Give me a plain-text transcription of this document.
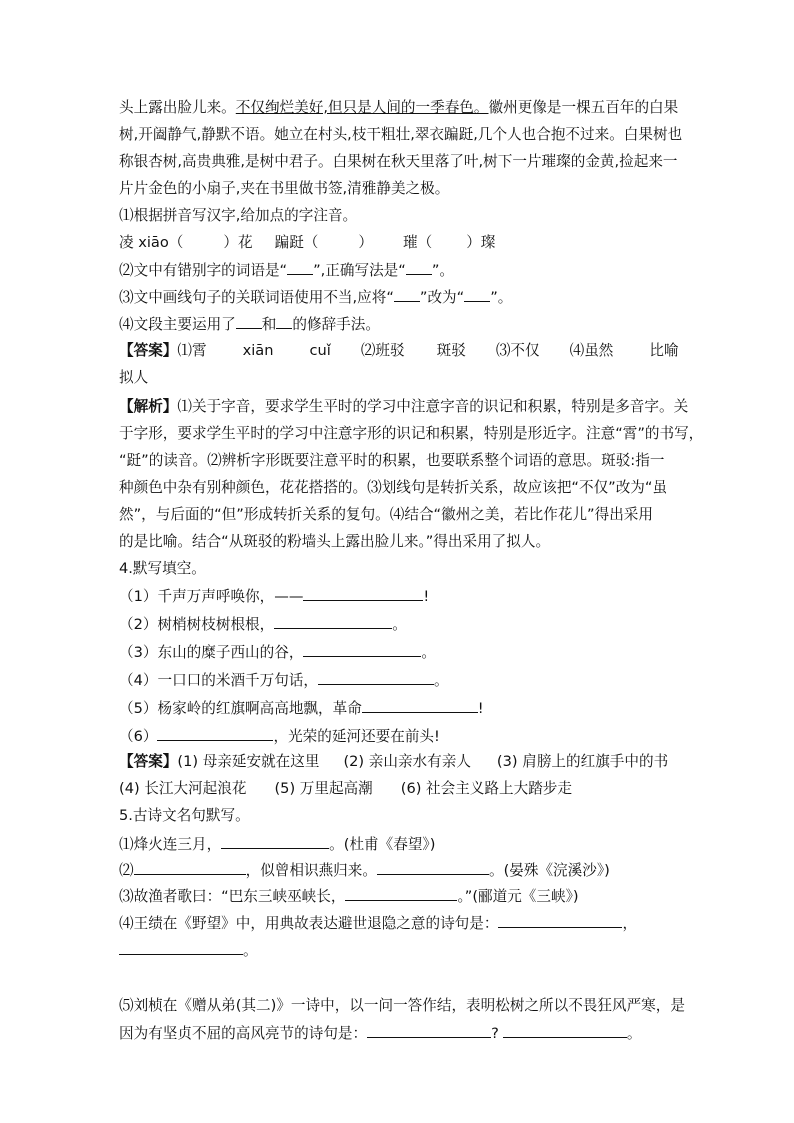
头上露出脸儿来。不仅绚烂美好,但只是人间的一季春色。徽州更像是一棵五百年的白果
树,开阖静气,静默不语。她立在村头,枝干粗壮,翠衣蹁跹,几个人也合抱不过来。白果树也
称银杏树,高贵典雅,是树中君子。白果树在秋天里落了叶,树下一片璀璨的金黄,捡起来一
片片金色的小扇子,夹在书里做书签,清雅静美之极。
⑴根据拼音写汉字,给加点的字注音。
凌 xiāo（	）花 蹁跹（	） 璀（ ）璨
⑵文中有错别字的词语是“ ”,正确写法是“ ”。
⑶文中画线句子的关联词语使用不当,应将“ ”改为“ ”。
⑷文段主要运用了 和 的修辞手法。
【答案】⑴霄 xiān cuǐ ⑵班驳 斑驳 ⑶不仅 ⑷虽然 比喻
拟人
【解析】⑴关于字音，要求学生平时的学习中注意字音的识记和积累，特别是多音字。关
于字形，要求学生平时的学习中注意字形的识记和积累，特别是形近字。注意“霄”的书写，
“跹”的读音。⑵辨析字形既要注意平时的积累，也要联系整个词语的意思。斑驳:指一
种颜色中杂有别种颜色，花花搭搭的。⑶划线句是转折关系，故应该把“不仅”改为“虽
然”，与后面的“但”形成转折关系的复句。⑷结合“徽州之美，若比作花儿”得出采用
的是比喻。结合“从斑驳的粉墙头上露出脸儿来。”得出采用了拟人。
4.默写填空。
（1）千声万声呼唤你，——	!
（2）树梢树枝树根根，	。
（3）东山的糜子西山的谷，	。
（4）一口口的米酒千万句话，	。
（5）杨家岭的红旗啊高高地飘，革命	!
（6）	，光荣的延河还要在前头!
【答案】(1) 母亲延安就在这里 (2) 亲山亲水有亲人 (3) 肩膀上的红旗手中的书
(4) 长江大河起浪花 (5) 万里起高潮 (6) 社会主义路上大踏步走
5.古诗文名句默写。
⑴烽火连三月，	。(杜甫《春望》)
⑵	，似曾相识燕归来。	。(晏殊《浣溪沙》)
⑶故渔者歌曰：“巴东三峡巫峡长，	。”(郦道元《三峡》)
⑷王绩在《野望》中，用典故表达避世退隐之意的诗句是：	，
。
⑸刘桢在《赠从弟(其二)》一诗中，以一问一答作结，表明松树之所以不畏狂风严寒，是
因为有坚贞不屈的高风亮节的诗句是：	?	。
